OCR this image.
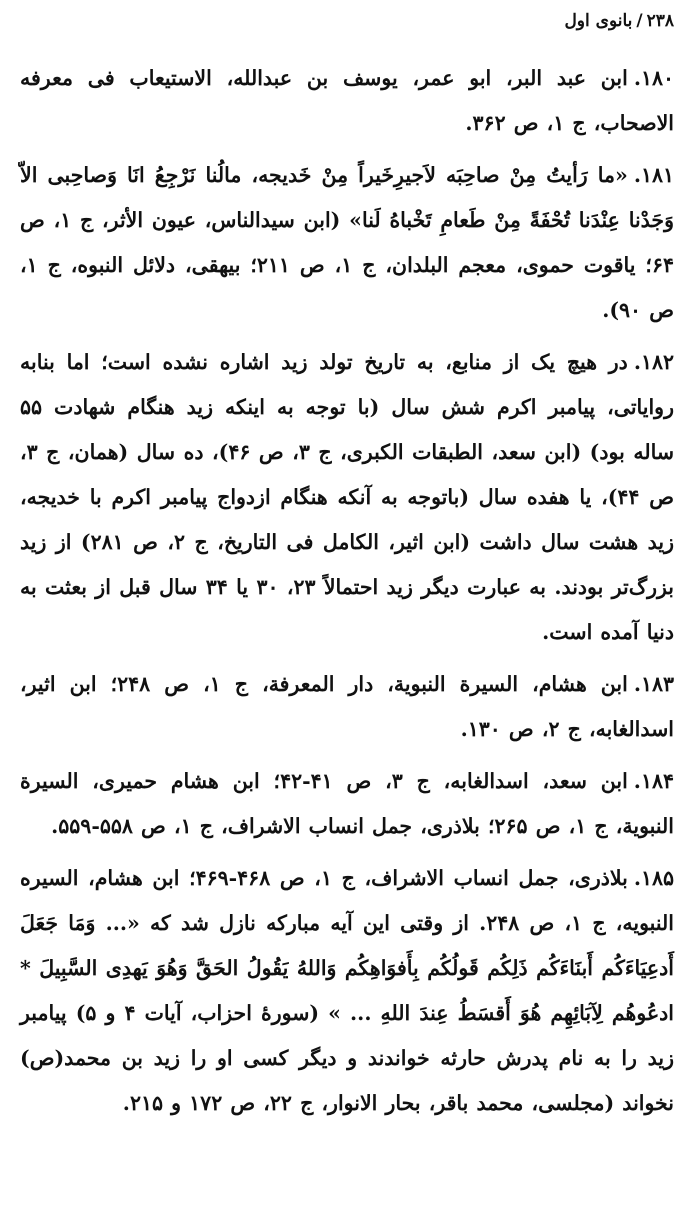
۲۳۸/بانوی اول

۱۸۰.ابن عبد البر، ابو عمر، یوسف بن عبدالله، الاستیعاب فی معرفه الاصحاب، ج ۱، ص ۳۶۲.

۱۸۱.«ما رَأیتُ مِنْ صاحِبَه لاَجیرِخَیراً مِنْ خَدیجه، مالُنا نَرْجِعُ انَا وَصاحِبی الاّ وَجَدْنا عِنْدَنا تُحْفَةً مِنْ طَعامِ تَخْباهُ لَنا» (ابن سیدالناس، عیون الأثر، ج ۱، ص ۶۴؛ یاقوت حموی، معجم البلدان، ج ۱، ص ۲۱۱؛ بیهقی، دلائل النبوه، ج ۱، ص ۹۰).

۱۸۲.در هیچ یک از منابع، به تاریخ تولد زید اشاره نشده است؛ اما بنابه روایاتی، پیامبر اکرم شش سال (با توجه به اینکه زید هنگام شهادت ۵۵ ساله بود) (ابن سعد، الطبقات الکبری، ج ۳، ص ۴۶)، ده سال (همان، ج ۳، ص ۴۴)، یا هفده سال (باتوجه به آنکه هنگام ازدواج پیامبر اکرم با خدیجه، زید هشت سال داشت (ابن اثیر، الکامل فی التاریخ، ج ۲، ص ۲۸۱) از زید بزرگ‌تر بودند. به عبارت دیگر زید احتمالاً ۲۳، ۳۰ یا ۳۴ سال قبل از بعثت به دنیا آمده است.

۱۸۳.ابن هشام، السیرة النبویة، دار المعرفة، ج ۱، ص ۲۴۸؛ ابن اثیر، اسدالغابه، ج ۲، ص ۱۳۰.

۱۸۴.ابن سعد، اسدالغابه، ج ۳، ص ۴۱-۴۲؛ ابن هشام حمیری، السیرة النبویة، ج ۱، ص ۲۶۵؛ بلاذری، جمل انساب الاشراف، ج ۱، ص ۵۵۸-۵۵۹.

۱۸۵.بلاذری، جمل انساب الاشراف، ج ۱، ص ۴۶۸-۴۶۹؛ ابن هشام، السیره النبویه، ج ۱، ص ۲۴۸. از وقتی این آیه مبارکه نازل شد که «... وَمَا جَعَلَ أَدعِیَاءَکُم أَبنَاءَکُم ذَلِکُم قَولُکُم بِأَفوَاهِکُم وَاللهُ یَقُولُ الحَقَّ وَهُوَ یَهدِی السَّبِیلَ * ادعُوهُم لِآبَائِهِم هُوَ أَقسَطُ عِندَ اللهِ ... » (سورهٔ احزاب، آیات ۴ و ۵) پیامبر زید را به نام پدرش حارثه خواندند و دیگر کسی او را زید بن محمد(ص) نخواند (مجلسی، محمد باقر، بحار الانوار، ج ۲۲، ص ۱۷۲ و ۲۱۵.
